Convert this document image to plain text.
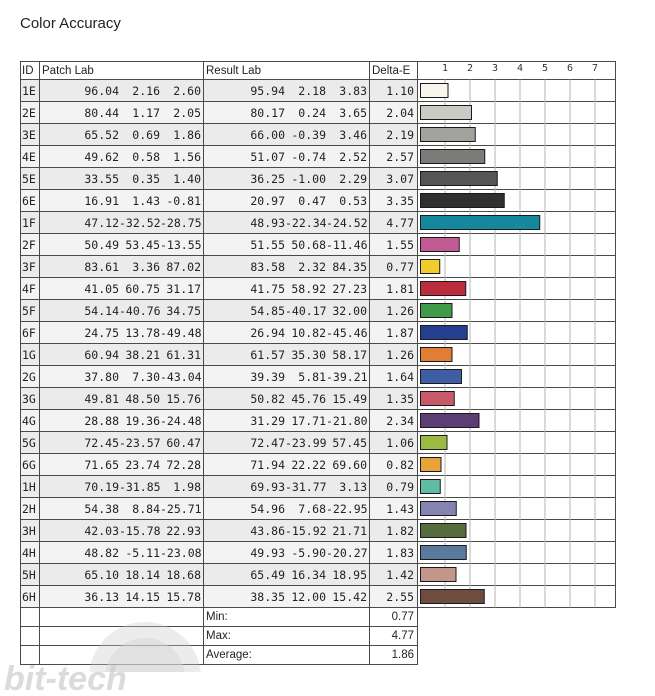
Color Accuracy
ID	Patch Lab	Result Lab	Delta-E	
1E	96.04 2.16 2.60	95.94 2.18 3.83	1.10	
2E	80.44 1.17 2.05	80.17 0.24 3.65	2.04	
3E	65.52 0.69 1.86	66.00 -0.39 3.46	2.19	
4E	49.62 0.58 1.56	51.07 -0.74 2.52	2.57	
5E	33.55 0.35 1.40	36.25 -1.00 2.29	3.07	
6E	16.91 1.43 -0.81	20.97 0.47 0.53	3.35	
1F	47.12-32.52-28.75	48.93-22.34-24.52	4.77	
2F	50.49 53.45-13.55	51.55 50.68-11.46	1.55	
3F	83.61 3.36 87.02	83.58 2.32 84.35	0.77	
4F	41.05 60.75 31.17	41.75 58.92 27.23	1.81	
5F	54.14-40.76 34.75	54.85-40.17 32.00	1.26	
6F	24.75 13.78-49.48	26.94 10.82-45.46	1.87	
1G	60.94 38.21 61.31	61.57 35.30 58.17	1.26	
2G	37.80 7.30-43.04	39.39 5.81-39.21	1.64	
3G	49.81 48.50 15.76	50.82 45.76 15.49	1.35	
4G	28.88 19.36-24.48	31.29 17.71-21.80	2.34	
5G	72.45-23.57 60.47	72.47-23.99 57.45	1.06	
6G	71.65 23.74 72.28	71.94 22.22 69.60	0.82	
1H	70.19-31.85 1.98	69.93-31.77 3.13	0.79	
2H	54.38 8.84-25.71	54.96 7.68-22.95	1.43	
3H	42.03-15.78 22.93	43.86-15.92 21.71	1.82	
4H	48.82 -5.11-23.08	49.93 -5.90-20.27	1.83	
5H	65.10 18.14 18.68	65.49 16.34 18.95	1.42	
6H	36.13 14.15 15.78	38.35 12.00 15.42	2.55	
		Min:	0.77	
		Max:	4.77	
		Average:	1.86	
1 2 3 4 5 6 7
bit-tech
